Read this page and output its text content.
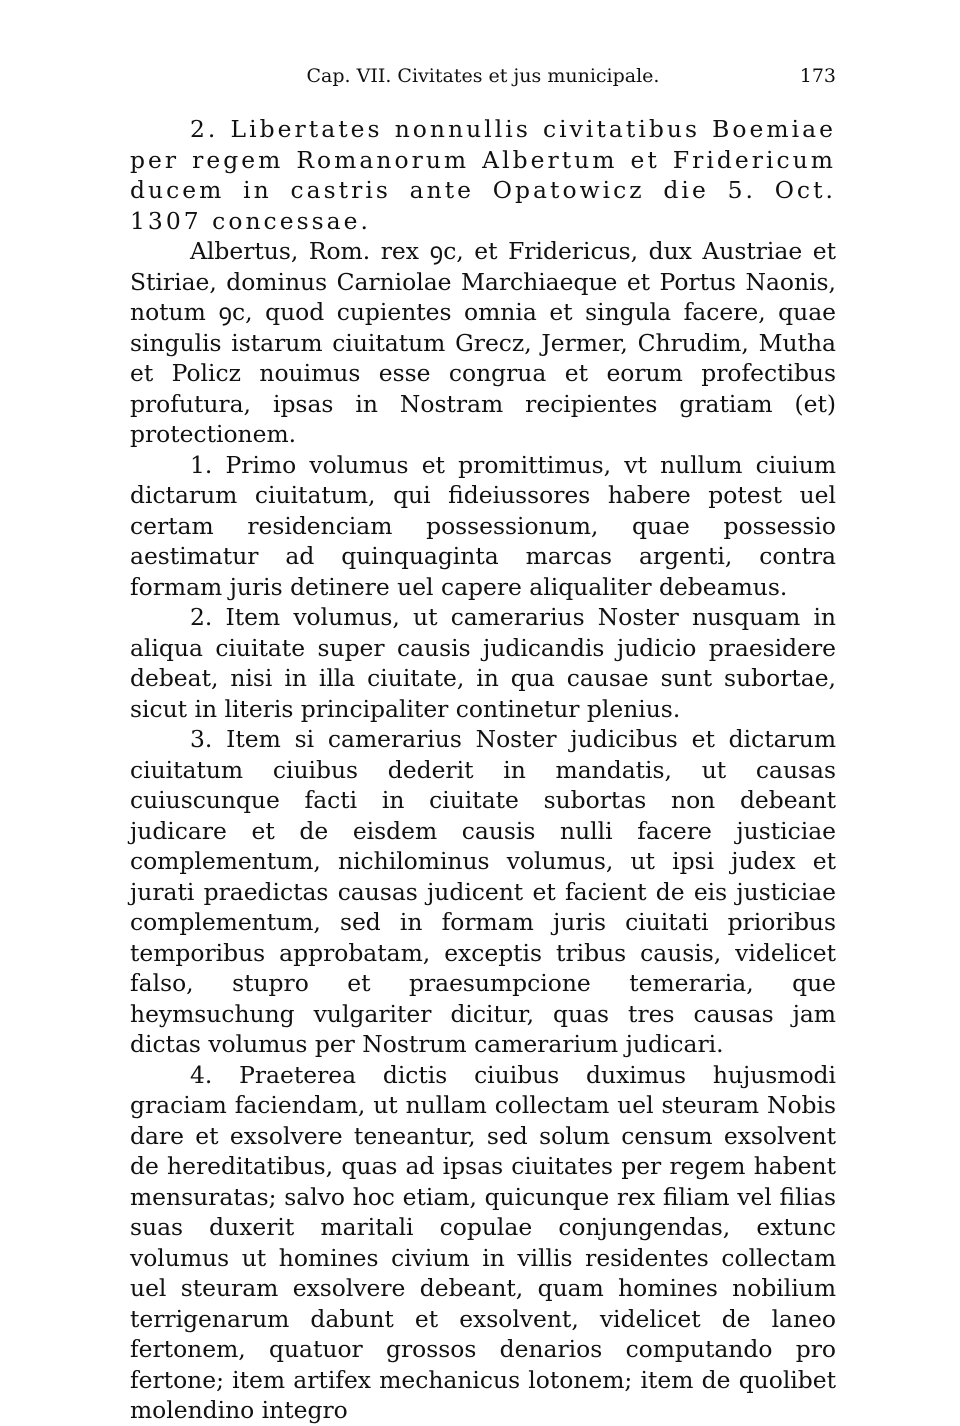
Cap. VII. Civitates et jus municipale.	173

2. Libertates nonnullis civitatibus Boemiae per regem Romanorum Albertum et Fridericum ducem in castris ante Opatowicz die 5. Oct. 1307 concessae.

Albertus, Rom. rex ꝯc, et Fridericus, dux Austriae et Stiriae, dominus Carniolae Marchiaeque et Portus Naonis, notum ꝯc, quod cupientes omnia et singula facere, quae singulis istarum ciuitatum Grecz, Jermer, Chrudim, Mutha et Policz nouimus esse congrua et eorum profectibus profutura, ipsas in Nostram recipientes gratiam (et) protectionem.

1. Primo volumus et promittimus, vt nullum ciuium dictarum ciuitatum, qui fideiussores habere potest uel certam residenciam possessionum, quae possessio aestimatur ad quinquaginta marcas argenti, contra formam juris detinere uel capere aliqualiter debeamus.

2. Item volumus, ut camerarius Noster nusquam in aliqua ciuitate super causis judicandis judicio praesidere debeat, nisi in illa ciuitate, in qua causae sunt subortae, sicut in literis principaliter continetur plenius.

3. Item si camerarius Noster judicibus et dictarum ciuitatum ciuibus dederit in mandatis, ut causas cuiuscunque facti in ciuitate subortas non debeant judicare et de eisdem causis nulli facere justiciae complementum, nichilominus volumus, ut ipsi judex et jurati praedictas causas judicent et facient de eis justiciae complementum, sed in formam juris ciuitati prioribus temporibus approbatam, exceptis tribus causis, videlicet falso, stupro et praesumpcione temeraria, que heymsuchung vulgariter dicitur, quas tres causas jam dictas volumus per Nostrum camerarium judicari.

4. Praeterea dictis ciuibus duximus hujusmodi graciam faciendam, ut nullam collectam uel steuram Nobis dare et exsolvere teneantur, sed solum censum exsolvent de hereditatibus, quas ad ipsas ciuitates per regem habent mensuratas; salvo hoc etiam, quicunque rex filiam vel filias suas duxerit maritali copulae conjungendas, extunc volumus ut homines civium in villis residentes collectam uel steuram exsolvere debeant, quam homines nobilium terrigenarum dabunt et exsolvent, videlicet de laneo fertonem, quatuor grossos denarios computando pro fertone; item artifex mechanicus lotonem; item de quolibet molendino integro
